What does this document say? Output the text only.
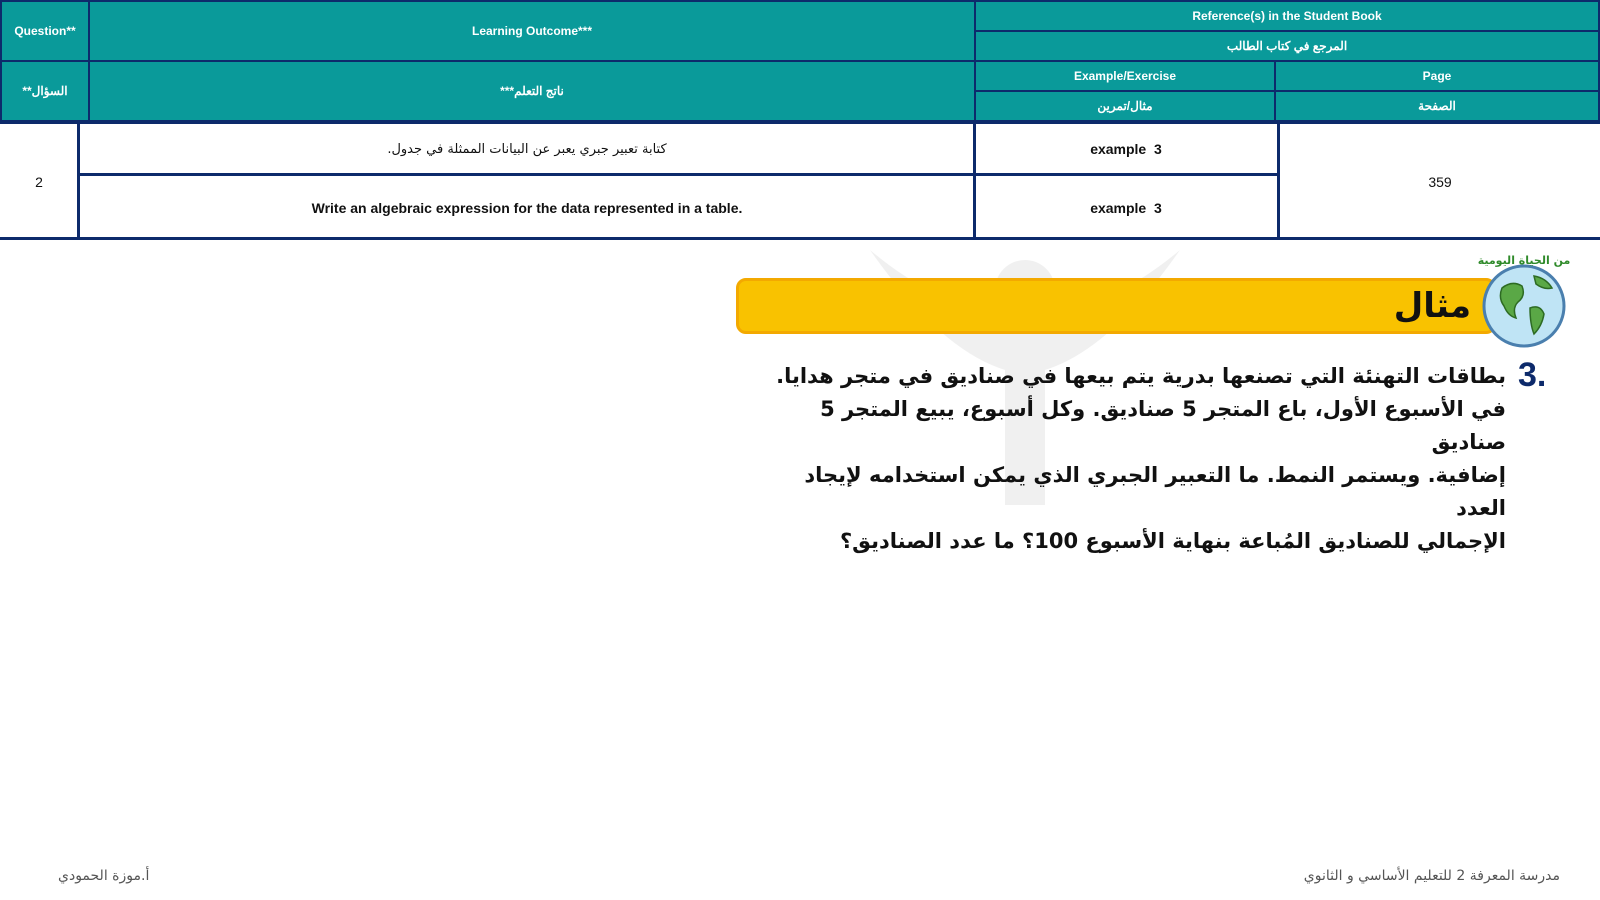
Question**
السؤال**
Learning Outcome***
ناتج التعلم***
Reference(s) in the Student Book
المرجع في كتاب الطالب
Example/Exercise
مثال/تمرين
Page
الصفحة
2
كتابة تعبير جبري يعبر عن البيانات الممثلة في جدول.
Write an algebraic expression for the data represented in a table.
example  3
example  3
359
مثال
من الحياة اليومية
3.
بطاقات التهنئة التي تصنعها بدرية يتم بيعها في صناديق في متجر هدايا.
في الأسبوع الأول، باع المتجر 5 صناديق. وكل أسبوع، يبيع المتجر 5 صناديق
إضافية. ويستمر النمط. ما التعبير الجبري الذي يمكن استخدامه لإيجاد العدد
الإجمالي للصناديق المُباعة بنهاية الأسبوع 100؟ ما عدد الصناديق؟
أ.موزة الحمودي	مدرسة المعرفة 2 للتعليم الأساسي و الثانوي
